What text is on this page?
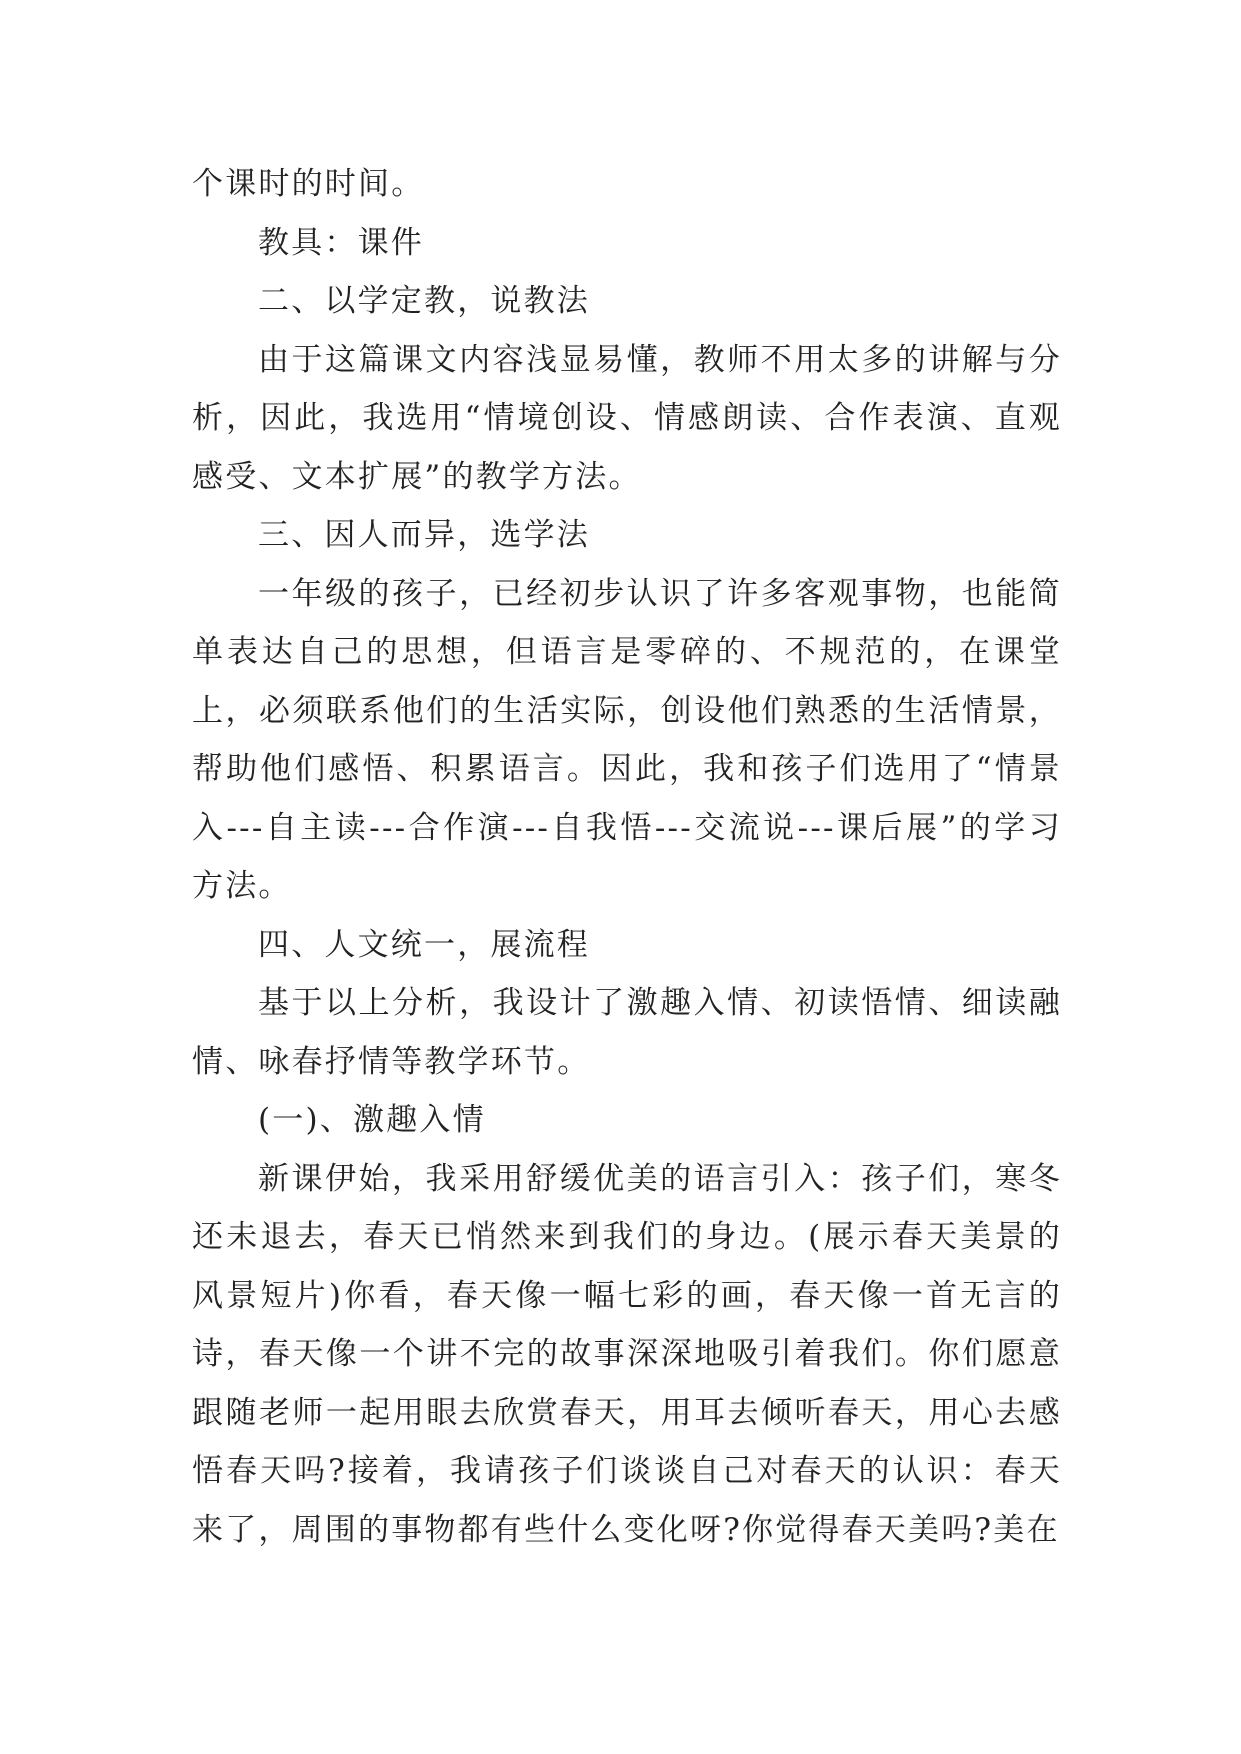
个课时的时间。

教具：课件

二、以学定教，说教法

由于这篇课文内容浅显易懂，教师不用太多的讲解与分析，因此，我选用“情境创设、情感朗读、合作表演、直观感受、文本扩展”的教学方法。

三、因人而异，选学法

一年级的孩子，已经初步认识了许多客观事物，也能简单表达自己的思想，但语言是零碎的、不规范的，在课堂上，必须联系他们的生活实际，创设他们熟悉的生活情景，帮助他们感悟、积累语言。因此，我和孩子们选用了“情景入---自主读---合作演---自我悟---交流说---课后展”的学习方法。

四、人文统一，展流程

基于以上分析，我设计了激趣入情、初读悟情、细读融情、咏春抒情等教学环节。

(一)、激趣入情

新课伊始，我采用舒缓优美的语言引入：孩子们，寒冬还未退去，春天已悄然来到我们的身边。(展示春天美景的风景短片)你看，春天像一幅七彩的画，春天像一首无言的诗，春天像一个讲不完的故事深深地吸引着我们。你们愿意跟随老师一起用眼去欣赏春天，用耳去倾听春天，用心去感悟春天吗?接着，我请孩子们谈谈自己对春天的认识：春天来了，周围的事物都有些什么变化呀?你觉得春天美吗?美在
